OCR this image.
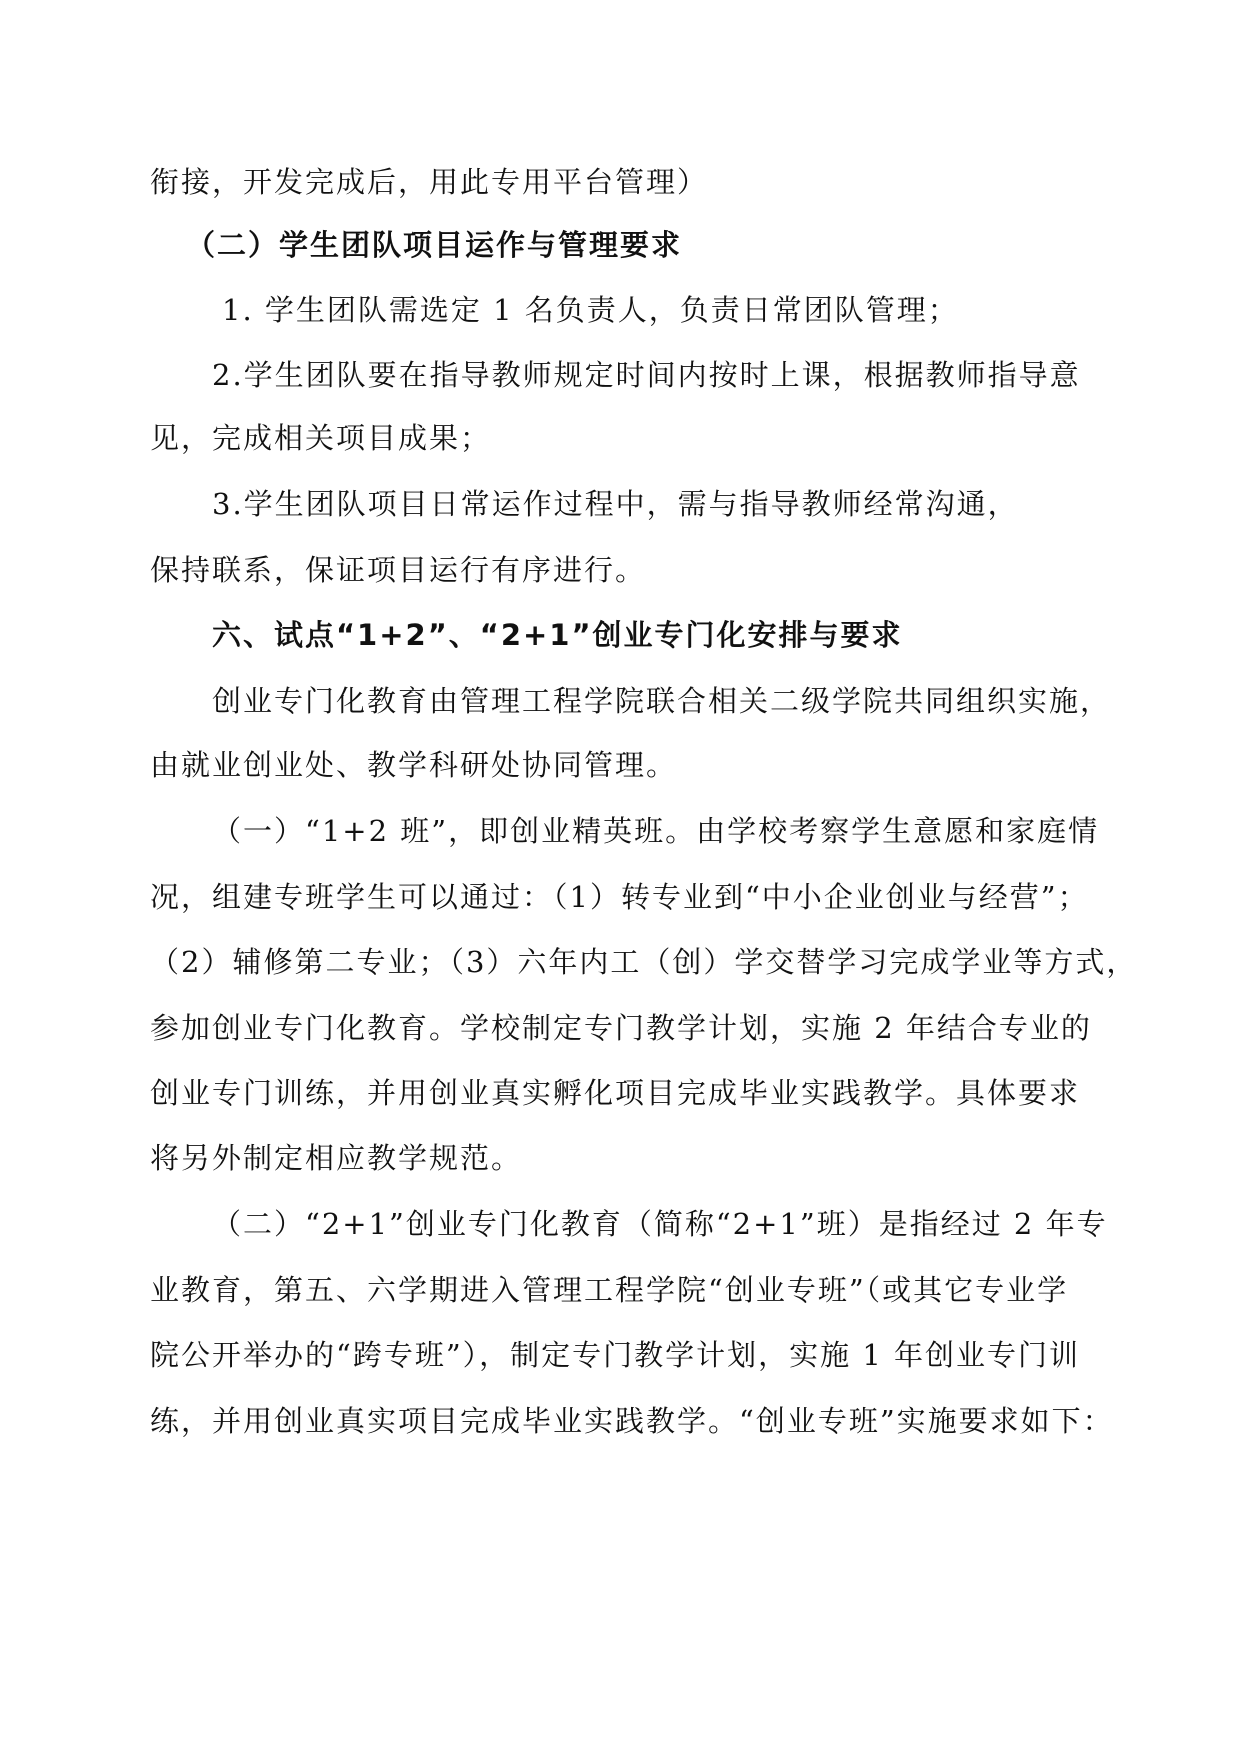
衔接，开发完成后，用此专用平台管理）
（二）学生团队项目运作与管理要求
1. 学生团队需选定 1 名负责人，负责日常团队管理；
2.学生团队要在指导教师规定时间内按时上课，根据教师指导意
见，完成相关项目成果；
3.学生团队项目日常运作过程中，需与指导教师经常沟通，
保持联系，保证项目运行有序进行。
六、试点“1+2”、“2+1”创业专门化安排与要求
创业专门化教育由管理工程学院联合相关二级学院共同组织实施，
由就业创业处、教学科研处协同管理。
（一）“1+2 班”，即创业精英班。由学校考察学生意愿和家庭情
况，组建专班学生可以通过：（1）转专业到“中小企业创业与经营”；
（2）辅修第二专业；（3）六年内工（创）学交替学习完成学业等方式，
参加创业专门化教育。学校制定专门教学计划，实施 2 年结合专业的
创业专门训练，并用创业真实孵化项目完成毕业实践教学。具体要求
将另外制定相应教学规范。
（二）“2+1”创业专门化教育（简称“2+1”班）是指经过 2 年专
业教育，第五、六学期进入管理工程学院“创业专班”（或其它专业学
院公开举办的“跨专班”），制定专门教学计划，实施 1 年创业专门训
练，并用创业真实项目完成毕业实践教学。“创业专班”实施要求如下：
